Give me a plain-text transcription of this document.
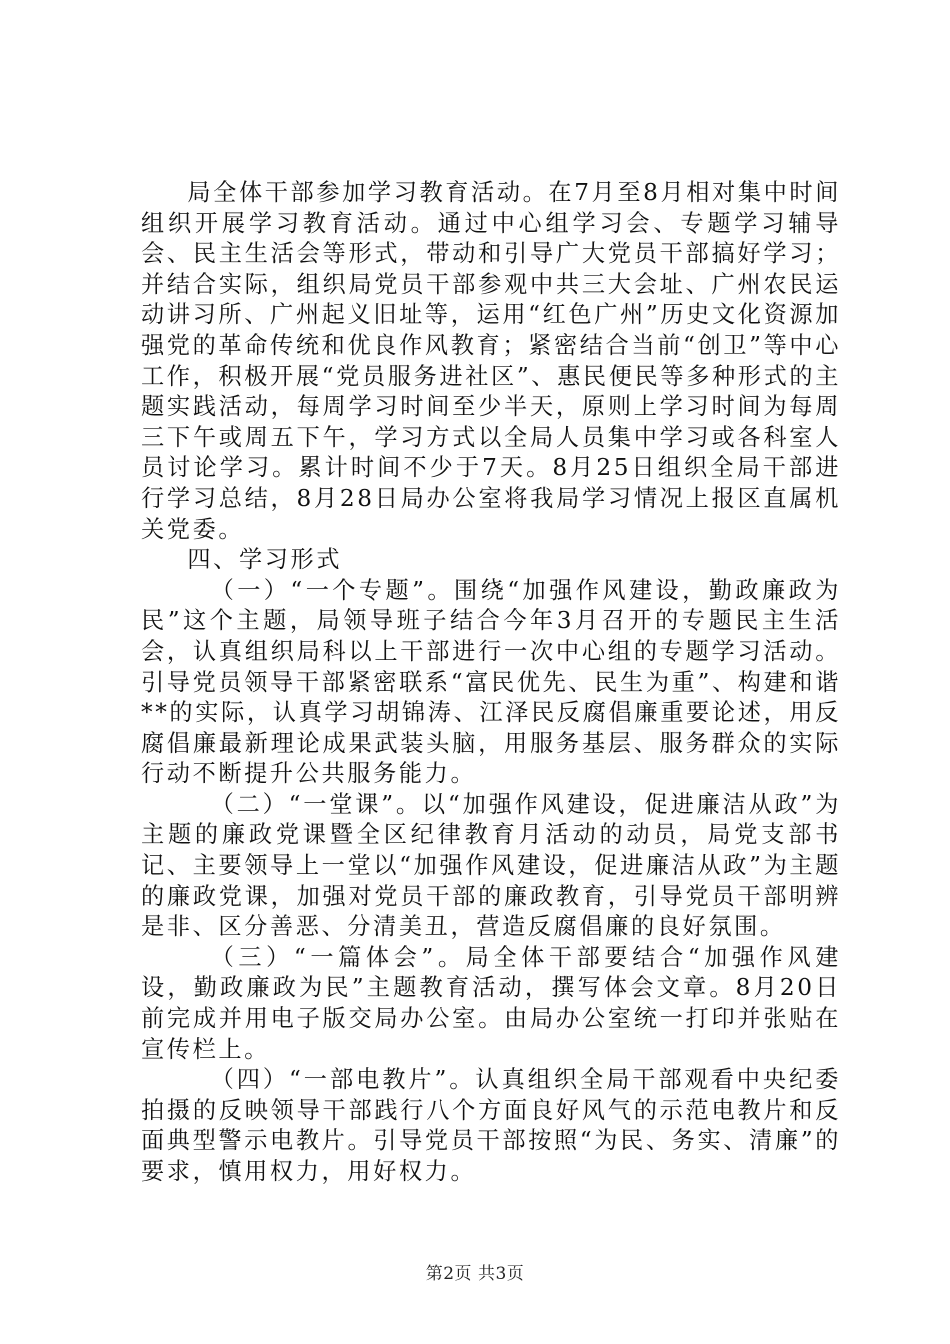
局全体干部参加学习教育活动。在7月至8月相对集中时间组织开展学习教育活动。通过中心组学习会、专题学习辅导会、民主生活会等形式，带动和引导广大党员干部搞好学习；并结合实际，组织局党员干部参观中共三大会址、广州农民运动讲习所、广州起义旧址等，运用“红色广州”历史文化资源加强党的革命传统和优良作风教育；紧密结合当前“创卫”等中心工作，积极开展“党员服务进社区”、惠民便民等多种形式的主题实践活动，每周学习时间至少半天，原则上学习时间为每周三下午或周五下午，学习方式以全局人员集中学习或各科室人员讨论学习。累计时间不少于7天。8月25日组织全局干部进行学习总结，8月28日局办公室将我局学习情况上报区直属机关党委。

四、学习形式

（一）“一个专题”。围绕“加强作风建设，勤政廉政为民”这个主题，局领导班子结合今年3月召开的专题民主生活会，认真组织局科以上干部进行一次中心组的专题学习活动。引导党员领导干部紧密联系“富民优先、民生为重”、构建和谐**的实际，认真学习胡锦涛、江泽民反腐倡廉重要论述，用反腐倡廉最新理论成果武装头脑，用服务基层、服务群众的实际行动不断提升公共服务能力。

（二）“一堂课”。以“加强作风建设，促进廉洁从政”为主题的廉政党课暨全区纪律教育月活动的动员，局党支部书记、主要领导上一堂以“加强作风建设，促进廉洁从政”为主题的廉政党课，加强对党员干部的廉政教育，引导党员干部明辨是非、区分善恶、分清美丑，营造反腐倡廉的良好氛围。

（三）“一篇体会”。局全体干部要结合“加强作风建设，勤政廉政为民”主题教育活动，撰写体会文章。8月20日前完成并用电子版交局办公室。由局办公室统一打印并张贴在宣传栏上。

（四）“一部电教片”。认真组织全局干部观看中央纪委拍摄的反映领导干部践行八个方面良好风气的示范电教片和反面典型警示电教片。引导党员干部按照“为民、务实、清廉”的要求，慎用权力，用好权力。

第2页 共3页
